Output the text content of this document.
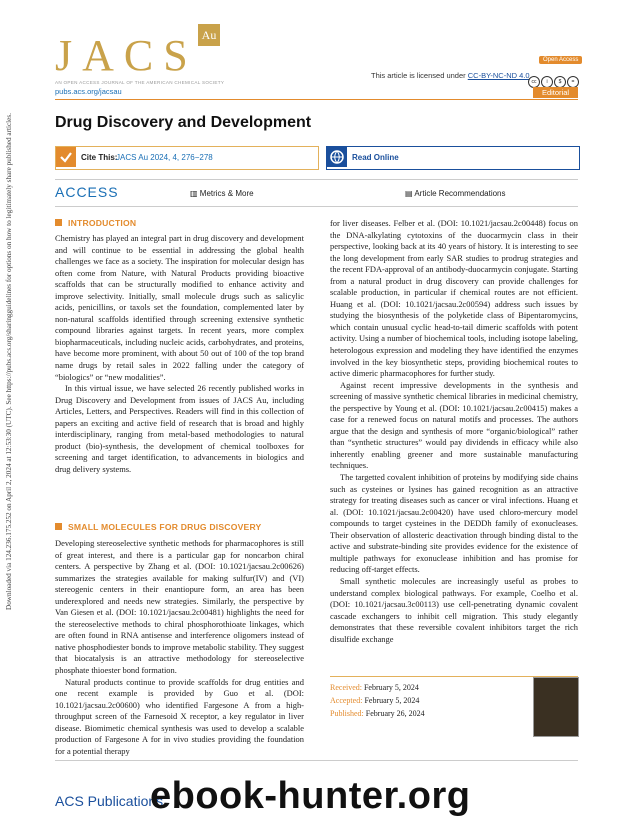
Downloaded via 124.236.175.252 on April 2, 2024 at 12:53:30 (UTC). See https://pubs.acs.org/sharingguidelines for options on how to legitimately share published articles.
JACS Au
AN OPEN ACCESS JOURNAL OF THE AMERICAN CHEMICAL SOCIETY
Open Access
This article is licensed under CC-BY-NC-ND 4.0
cc i $ =
pubs.acs.org/jacsau	Editorial
Drug Discovery and Development
Cite This:
JACS Au 2024, 4, 276−278	Read Online
ACCESS	▥ Metrics & More	▤ Article Recommendations
INTRODUCTION

Chemistry has played an integral part in drug discovery and development and will continue to be essential in addressing the global health challenges we face as a society. The inspiration for molecular design has often come from Nature, with Natural Products providing bioactive scaffolds that can be structurally modified to enhance activity and improve selectivity. Initially, small molecule drugs such as salicylic acids, penicillins, or taxols set the foundation, complemented later by non-natural scaffolds identified through screening extensive synthetic compound libraries against targets. In recent years, more complex biopharmaceuticals, including nucleic acids, carbohydrates, and proteins, have become more prominent, with about 50 out of 100 of the top brand name drugs by retail sales in 2022 falling under the category of “biologics” or “new modalities”.

In this virtual issue, we have selected 26 recently published works in Drug Discovery and Development from issues of JACS Au, including Articles, Letters, and Perspectives. Readers will find in this collection of papers an exciting and active field of research that is broad and highly interdisciplinary, ranging from metal-based methodologies to natural product (bio)-synthesis, the development of chemical toolboxes for screening and target identification, to advancements in biologics and drug delivery systems.

SMALL MOLECULES FOR DRUG DISCOVERY

Developing stereoselective synthetic methods for pharmacophores is still of great interest, and there is a particular gap for noncarbon chiral centers. A perspective by Zhang et al. (DOI: 10.1021/jacsau.2c00626) summarizes the strategies available for making sulfur(IV) and (VI) stereogenic centers in their enantiopure form, an area has been underexplored and needs new strategies. Similarly, the perspective by Van Giesen et al. (DOI: 10.1021/jacsau.2c00481) highlights the need for the stereoselective methods to chiral phosphorothioate linkages, which are often found in RNA antisense and interference oligomers instead of native phosphodiester bonds to improve metabolic stability. They suggest that biocatalysis is an attractive methodology for stereoselective phosphate thioester bond formation.

Natural products continue to provide scaffolds for drug entities and one recent example is provided by Guo et al. (DOI: 10.1021/jacsau.2c00600) who identified Fargesone A from a high-throughput screen of the Farnesoid X receptor, a key regulator in liver disease. Biomimetic chemical synthesis was used to develop a scalable production of Fargesone A for in vivo studies providing the foundation for a potential therapy

for liver diseases. Felber et al. (DOI: 10.1021/jacsau.2c00448) focus on the DNA-alkylating cytotoxins of the duocarmycin class in their perspective, looking back at its 40 years of history. It is interesting to see the long development from early SAR studies to prodrug strategies and the recent FDA-approval of an antibody-duocarmycin conjugate. Starting from a natural product in drug discovery can provide challenges for scalable production, in particular if chemical routes are not efficient. Huang et al. (DOI: 10.1021/jacsau.2c00594) address such issues by studying the biosynthesis of the polyketide class of Bipentaromycins, which contain unusual cyclic head-to-tail dimeric scaffolds with potent activity. Using a number of biochemical tools, including isotope labeling, heterologous expression and modeling they have identified the enzymes involved in the key biosynthetic steps, providing biochemical routes to active dimeric pharmacophores for further study.

Against recent impressive developments in the synthesis and screening of massive synthetic chemical libraries in medicinal chemistry, the perspective by Young et al. (DOI: 10.1021/jacsau.2c00415) makes a case for a renewed focus on natural motifs and processes. The authors argue that the design and synthesis of more “organic/biological” rather than “synthetic structures” would pay dividends in efficacy while also inherently enabling greener and more sustainable manufacturing techniques.

The targetted covalent inhibition of proteins by modifying side chains such as cysteines or lysines has gained recognition as an attractive strategy for treating diseases such as cancer or viral infections. Huang et al. (DOI: 10.1021/jacsau.2c00420) have used chloro-mercury model compounds to target cysteines in the DEDDh family of exonucleases. Their observation of allosteric deactivation through binding distal to the active and substrate-binding site provides evidence for the existence of multiple pathways for exonuclease inhibition and has promise for reducing off-target effects.

Small synthetic molecules are increasingly useful as probes to understand complex biological pathways. For example, Coelho et al. (DOI: 10.1021/jacsau.3c00113) use cell-penetrating dynamic covalent cascade exchangers to inhibit cell migration. This study elegantly demonstrates that these reversible covalent inhibitors target the rich disulfide exchange

Received: February 5, 2024
Accepted: February 5, 2024
Published: February 26, 2024
ACS Publications
ebook-hunter.org
